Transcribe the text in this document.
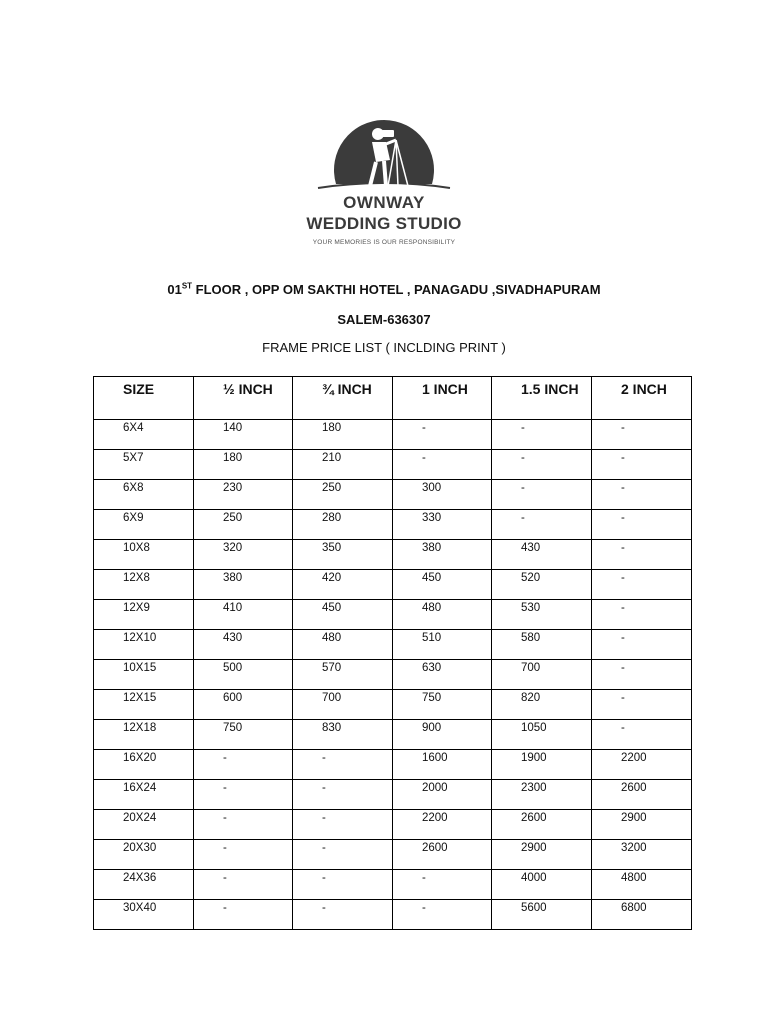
OWNWAY
WEDDING STUDIO
YOUR MEMORIES IS OUR RESPONSIBILITY
01ST FLOOR , OPP OM SAKTHI HOTEL , PANAGADU ,SIVADHAPURAM
SALEM-636307
FRAME PRICE LIST ( INCLDING PRINT )
SIZE	½ INCH	¾ INCH	1 INCH	1.5 INCH	2 INCH
6X4	140	180	-	-	-
5X7	180	210	-	-	-
6X8	230	250	300	-	-
6X9	250	280	330	-	-
10X8	320	350	380	430	-
12X8	380	420	450	520	-
12X9	410	450	480	530	-
12X10	430	480	510	580	-
10X15	500	570	630	700	-
12X15	600	700	750	820	-
12X18	750	830	900	1050	-
16X20	-	-	1600	1900	2200
16X24	-	-	2000	2300	2600
20X24	-	-	2200	2600	2900
20X30	-	-	2600	2900	3200
24X36	-	-	-	4000	4800
30X40	-	-	-	5600	6800
